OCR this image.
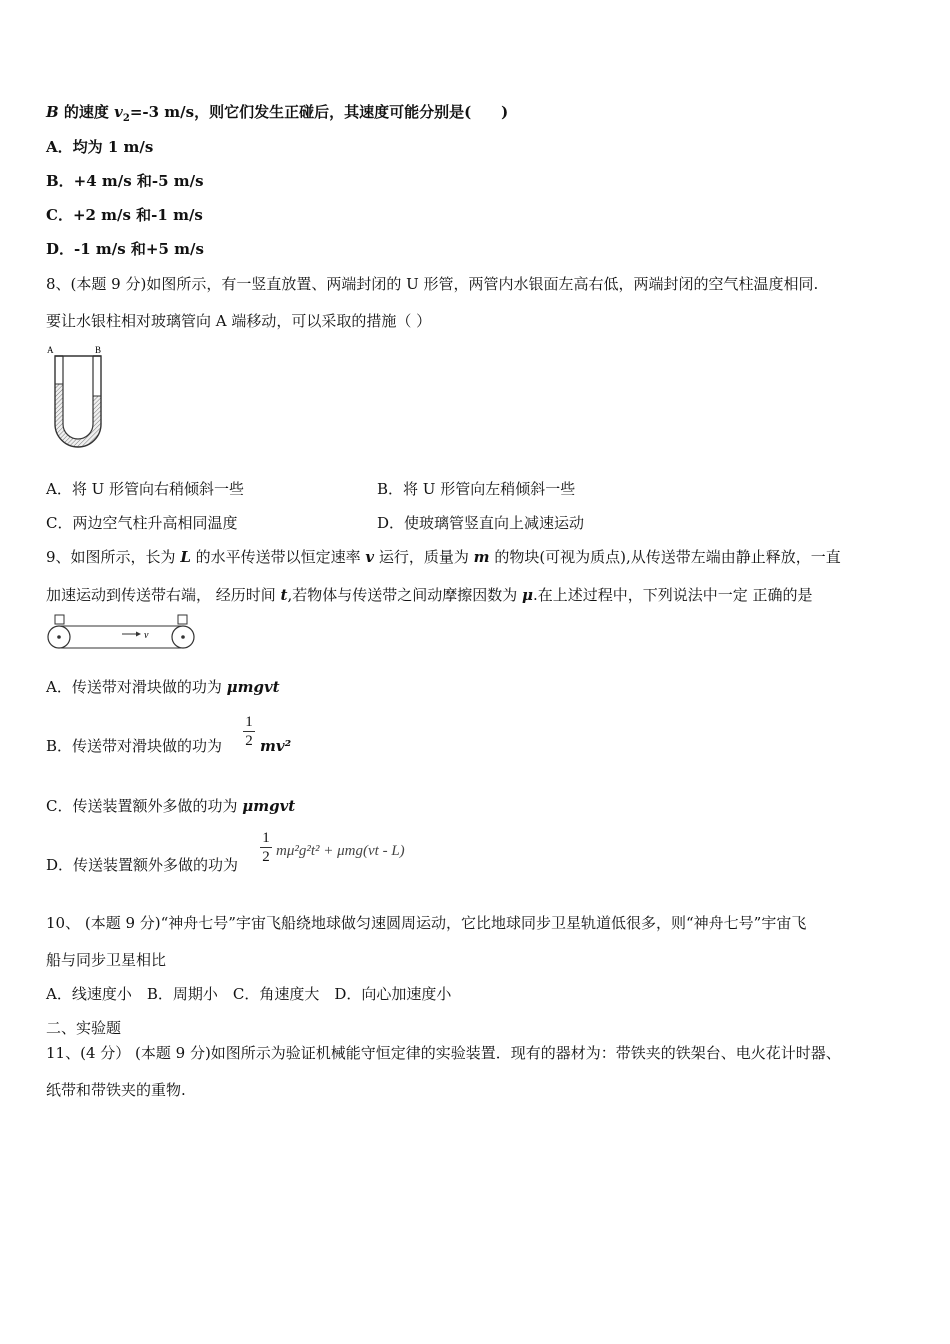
B 的速度 $v_2=-3$ m/s，则它们发生正碰后，其速度可能分别是(　　)
A．均为 1 m/s
B．+4 m/s 和-5 m/s
C．+2 m/s 和-1 m/s
D．-1 m/s 和+5 m/s
8、(本题 9 分)如图所示，有一竖直放置、两端封闭的 U 形管，两管内水银面左高右低，两端封闭的空气柱温度相同.
要让水银柱相对玻璃管向 A 端移动，可以采取的措施（ ）
A	B
A．将 U 形管向右稍倾斜一些	B．将 U 形管向左稍倾斜一些
C．两边空气柱升高相同温度	D．使玻璃管竖直向上减速运动
9、如图所示，长为 L 的水平传送带以恒定速率 v 运行，质量为 m 的物块(可视为质点),从传送带左端由静止释放，一直
加速运动到传送带右端， 经历时间 t,若物体与传送带之间动摩擦因数为 μ.在上述过程中，下列说法中一定 正确的是
v
A．传送带对滑块做的功为 μmgvt
B．传送带对滑块做的功为
1
2 mv²
C．传送装置额外多做的功为 μmgvt
D．传送装置额外多做的功为
1
2 mμ²g²t² + μmg(vt - L)
10、 (本题 9 分)“神舟七号”宇宙飞船绕地球做匀速圆周运动，它比地球同步卫星轨道低很多，则“神舟七号”宇宙飞
船与同步卫星相比
A．线速度小　B．周期小　C．角速度大　D．向心加速度小
二、实验题
11、(4 分） (本题 9 分)如图所示为验证机械能守恒定律的实验装置．现有的器材为：带铁夹的铁架台、电火花计时器、
纸带和带铁夹的重物.
